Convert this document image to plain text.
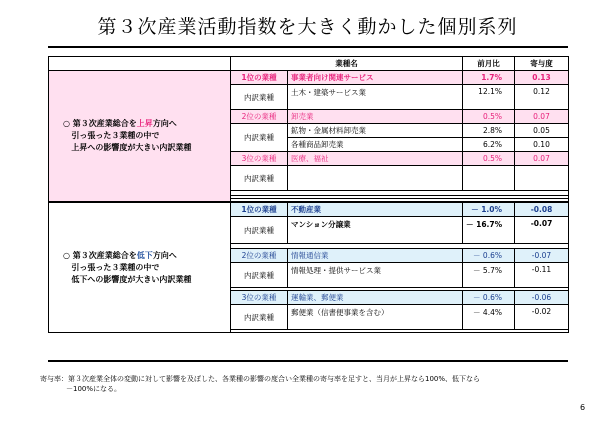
第３次産業活動指数を大きく動かした個別系列
	業種名		前月比	寄与度
○ 第３次産業総合を上昇方向へ
引っ張った３業種の中で
上昇への影響度が大きい内訳業種	1位の業種	事業者向け関連サービス	1.7%	0.13
	内訳業種	土木・建築サービス業	12.1%	0.12
	2位の業種	卸売業	0.5%	0.07
	内訳業種	鉱物・金属材料卸売業	2.8%	0.05
		各種商品卸売業	6.2%	0.10
	3位の業種	医療、福祉	0.5%	0.07
	内訳業種			

○ 第３次産業総合を低下方向へ
引っ張った３業種の中で
低下への影響度が大きい内訳業種	1位の業種	不動産業	－ 1.0%	-0.08
	内訳業種	マンション分譲業	－ 16.7%	-0.07

	2位の業種	情報通信業	－ 0.6%	-0.07
	内訳業種	情報処理・提供サービス業	－ 5.7%	-0.11

	3位の業種	運輸業、郵便業	－ 0.6%	-0.06
	内訳業種	郵便業（信書便事業を含む）	－ 4.4%	-0.02

寄与率：第３次産業全体の変動に対して影響を及ぼした、各業種の影響の度合い全業種の寄与率を足すと、当月が上昇なら100%、低下なら
－100%になる。
6
